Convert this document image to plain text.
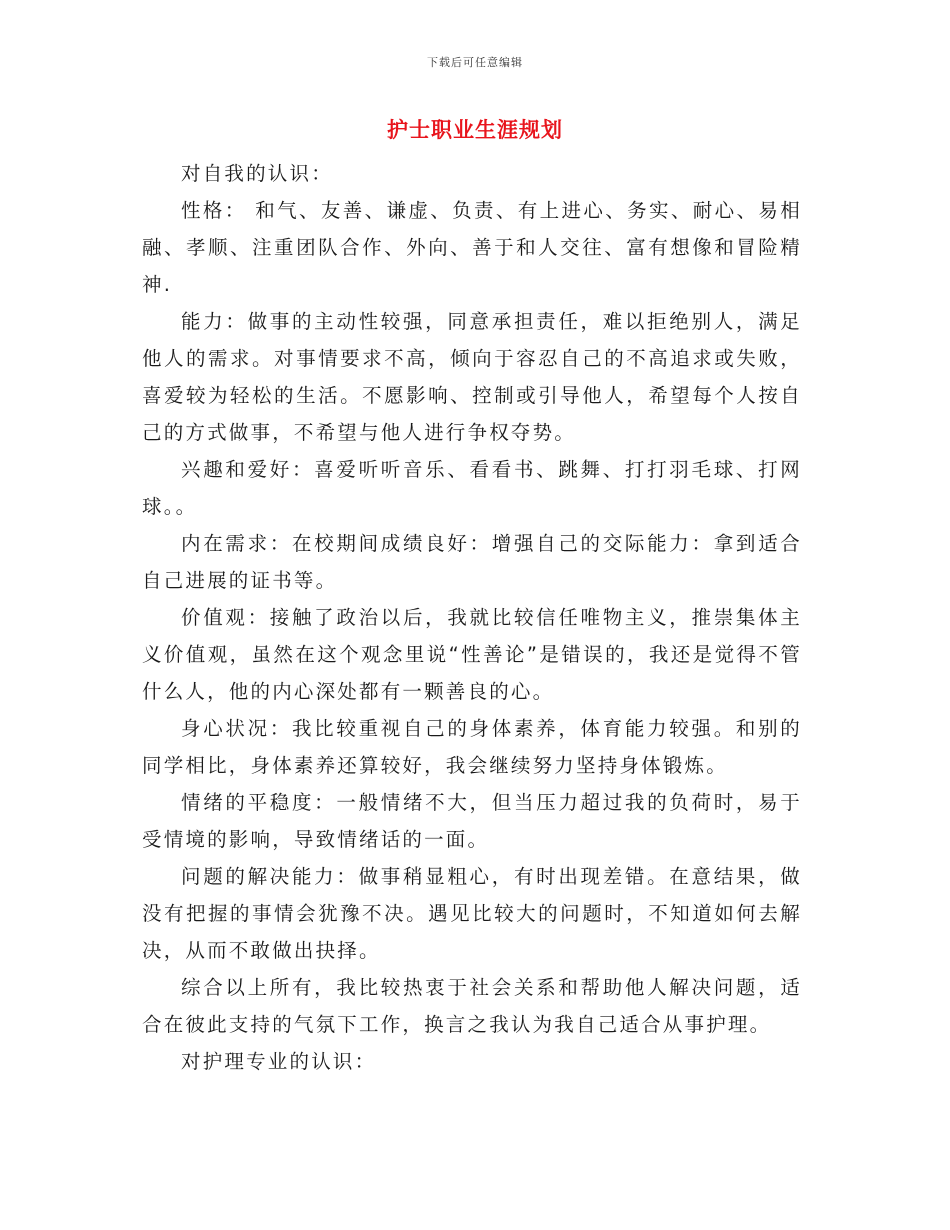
下载后可任意编辑
护士职业生涯规划

对自我的认识：

性格： 和气、友善、谦虚、负责、有上进心、务实、耐心、易相融、孝顺、注重团队合作、外向、善于和人交往、富有想像和冒险精神.

能力：做事的主动性较强，同意承担责任，难以拒绝别人，满足他人的需求。对事情要求不高，倾向于容忍自己的不高追求或失败，喜爱较为轻松的生活。不愿影响、控制或引导他人，希望每个人按自己的方式做事，不希望与他人进行争权夺势。

兴趣和爱好：喜爱听听音乐、看看书、跳舞、打打羽毛球、打网球。。

内在需求：在校期间成绩良好：增强自己的交际能力：拿到适合自己进展的证书等。

价值观：接触了政治以后，我就比较信任唯物主义，推崇集体主义价值观，虽然在这个观念里说“性善论”是错误的，我还是觉得不管什么人，他的内心深处都有一颗善良的心。

身心状况：我比较重视自己的身体素养，体育能力较强。和别的同学相比，身体素养还算较好，我会继续努力坚持身体锻炼。

情绪的平稳度：一般情绪不大，但当压力超过我的负荷时，易于受情境的影响，导致情绪话的一面。

问题的解决能力：做事稍显粗心，有时出现差错。在意结果，做没有把握的事情会犹豫不决。遇见比较大的问题时，不知道如何去解决，从而不敢做出抉择。

综合以上所有，我比较热衷于社会关系和帮助他人解决问题，适合在彼此支持的气氛下工作，换言之我认为我自己适合从事护理。

对护理专业的认识：
